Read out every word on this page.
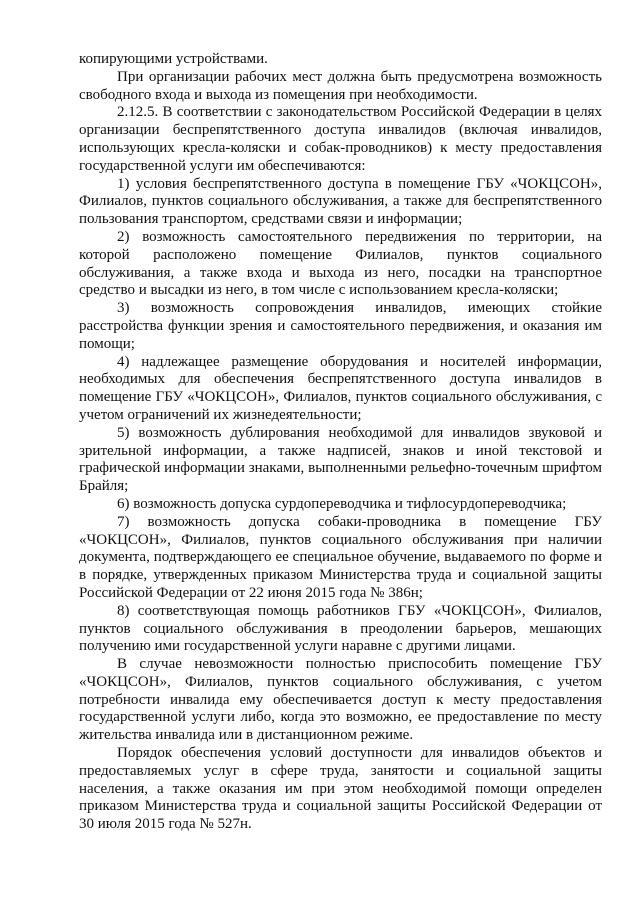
копирующими устройствами.

При организации рабочих мест должна быть предусмотрена возможность свободного входа и выхода из помещения при необходимости.

2.12.5. В соответствии с законодательством Российской Федерации в целях организации беспрепятственного доступа инвалидов (включая инвалидов, использующих кресла-коляски и собак-проводников) к месту предоставления государственной услуги им обеспечиваются:

1) условия беспрепятственного доступа в помещение ГБУ «ЧОКЦСОН», Филиалов, пунктов социального обслуживания, а также для беспрепятственного пользования транспортом, средствами связи и информации;

2) возможность самостоятельного передвижения по территории, на которой расположено помещение Филиалов, пунктов социального обслуживания, а также входа и выхода из него, посадки на транспортное средство и высадки из него, в том числе с использованием кресла-коляски;

3) возможность сопровождения инвалидов, имеющих стойкие расстройства функции зрения и самостоятельного передвижения, и оказания им помощи;

4) надлежащее размещение оборудования и носителей информации, необходимых для обеспечения беспрепятственного доступа инвалидов в помещение ГБУ «ЧОКЦСОН», Филиалов, пунктов социального обслуживания, с учетом ограничений их жизнедеятельности;

5) возможность дублирования необходимой для инвалидов звуковой и зрительной информации, а также надписей, знаков и иной текстовой и графической информации знаками, выполненными рельефно-точечным шрифтом Брайля;

6) возможность допуска сурдопереводчика и тифлосурдопереводчика;

7) возможность допуска собаки-проводника в помещение ГБУ «ЧОКЦСОН», Филиалов, пунктов социального обслуживания при наличии документа, подтверждающего ее специальное обучение, выдаваемого по форме и в порядке, утвержденных приказом Министерства труда и социальной защиты Российской Федерации от 22 июня 2015 года № 386н;

8) соответствующая помощь работников ГБУ «ЧОКЦСОН», Филиалов, пунктов социального обслуживания в преодолении барьеров, мешающих получению ими государственной услуги наравне с другими лицами.

В случае невозможности полностью приспособить помещение ГБУ «ЧОКЦСОН», Филиалов, пунктов социального обслуживания, с учетом потребности инвалида ему обеспечивается доступ к месту предоставления государственной услуги либо, когда это возможно, ее предоставление по месту жительства инвалида или в дистанционном режиме.

Порядок обеспечения условий доступности для инвалидов объектов и предоставляемых услуг в сфере труда, занятости и социальной защиты населения, а также оказания им при этом необходимой помощи определен приказом Министерства труда и социальной защиты Российской Федерации от 30 июля 2015 года № 527н.
